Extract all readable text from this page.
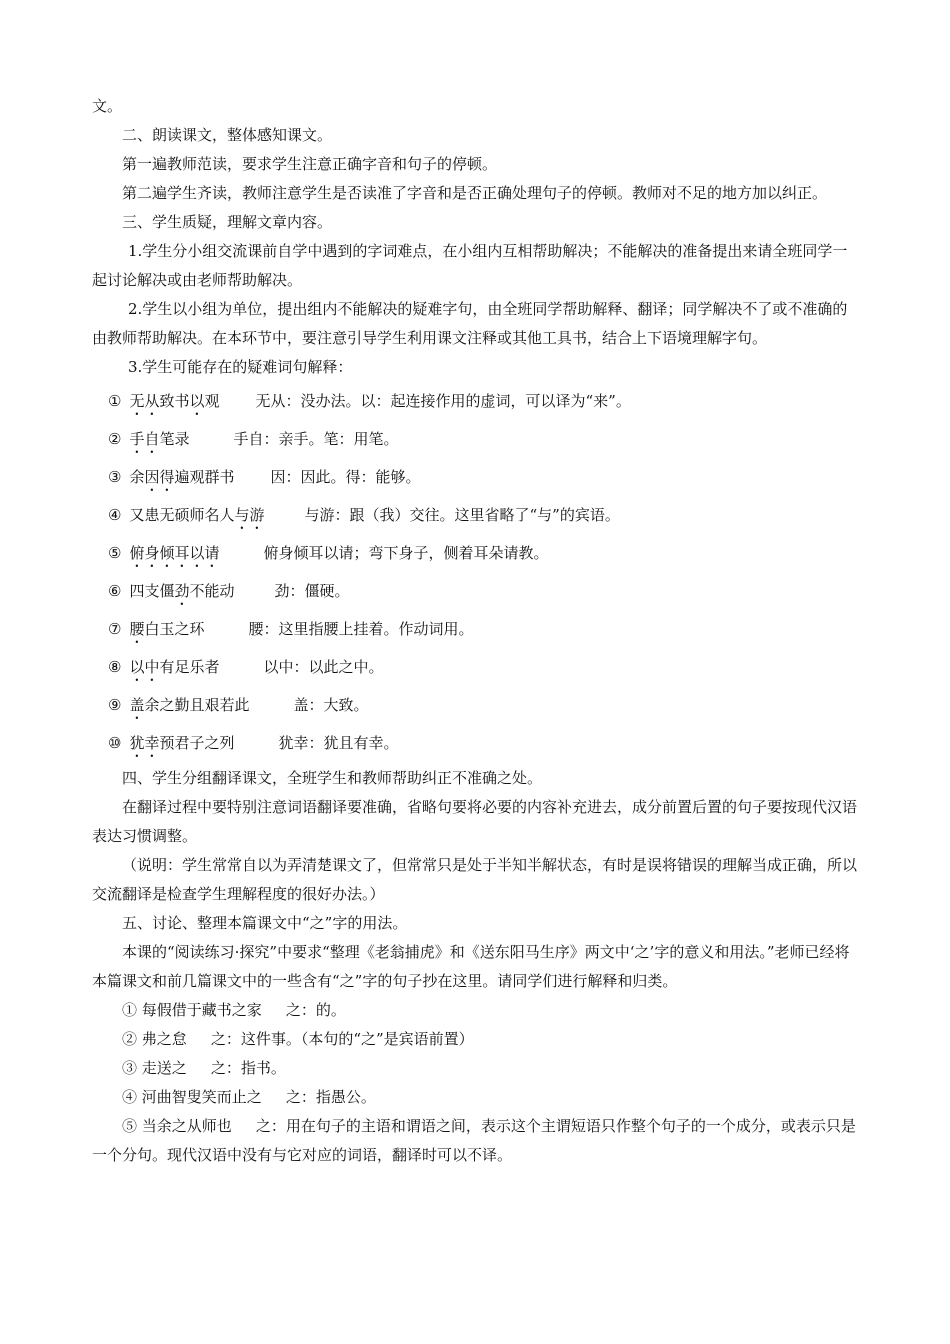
文。

二、朗读课文，整体感知课文。

第一遍教师范读，要求学生注意正确字音和句子的停顿。

第二遍学生齐读，教师注意学生是否读准了字音和是否正确处理句子的停顿。教师对不足的地方加以纠正。

三、学生质疑，理解文章内容。

1.学生分小组交流课前自学中遇到的字词难点，在小组内互相帮助解决；不能解决的准备提出来请全班同学一起讨论解决或由老师帮助解决。

2.学生以小组为单位，提出组内不能解决的疑难字句，由全班同学帮助解释、翻译；同学解决不了或不准确的由教师帮助解决。在本环节中，要注意引导学生利用课文注释或其他工具书，结合上下语境理解字句。

3.学生可能存在的疑难词句解释：

① 无从致书以观 无从：没办法。以：起连接作用的虚词，可以译为“来”。
② 手自笔录	手自：亲手。笔：用笔。
③ 余因得遍观群书 因：因此。得：能够。
④ 又患无硕师名人与游	与游：跟（我）交往。这里省略了“与”的宾语。
⑤ 俯身倾耳以请	俯身倾耳以请；弯下身子，侧着耳朵请教。
⑥ 四支僵劲不能动	劲：僵硬。
⑦ 腰白玉之环	腰：这里指腰上挂着。作动词用。
⑧ 以中有足乐者	以中：以此之中。
⑨ 盖余之勤且艰若此	盖：大致。
⑩ 犹幸预君子之列	犹幸：犹且有幸。

四、学生分组翻译课文，全班学生和教师帮助纠正不准确之处。

在翻译过程中要特别注意词语翻译要准确，省略句要将必要的内容补充进去，成分前置后置的句子要按现代汉语表达习惯调整。

（说明：学生常常自以为弄清楚课文了，但常常只是处于半知半解状态，有时是误将错误的理解当成正确，所以交流翻译是检查学生理解程度的很好办法。）

五、讨论、整理本篇课文中“之”字的用法。

本课的“阅读练习·探究”中要求“整理《老翁捕虎》和《送东阳马生序》两文中‘之’字的意义和用法。”老师已经将本篇课文和前几篇课文中的一些含有“之”字的句子抄在这里。请同学们进行解释和归类。

① 每假借于藏书之家 之：的。
② 弗之怠 之：这件事。（本句的“之”是宾语前置）
③ 走送之 之：指书。
④ 河曲智叟笑而止之 之：指愚公。

⑤ 当余之从师也 之：用在句子的主语和谓语之间，表示这个主谓短语只作整个句子的一个成分，或表示只是一个分句。现代汉语中没有与它对应的词语，翻译时可以不译。
